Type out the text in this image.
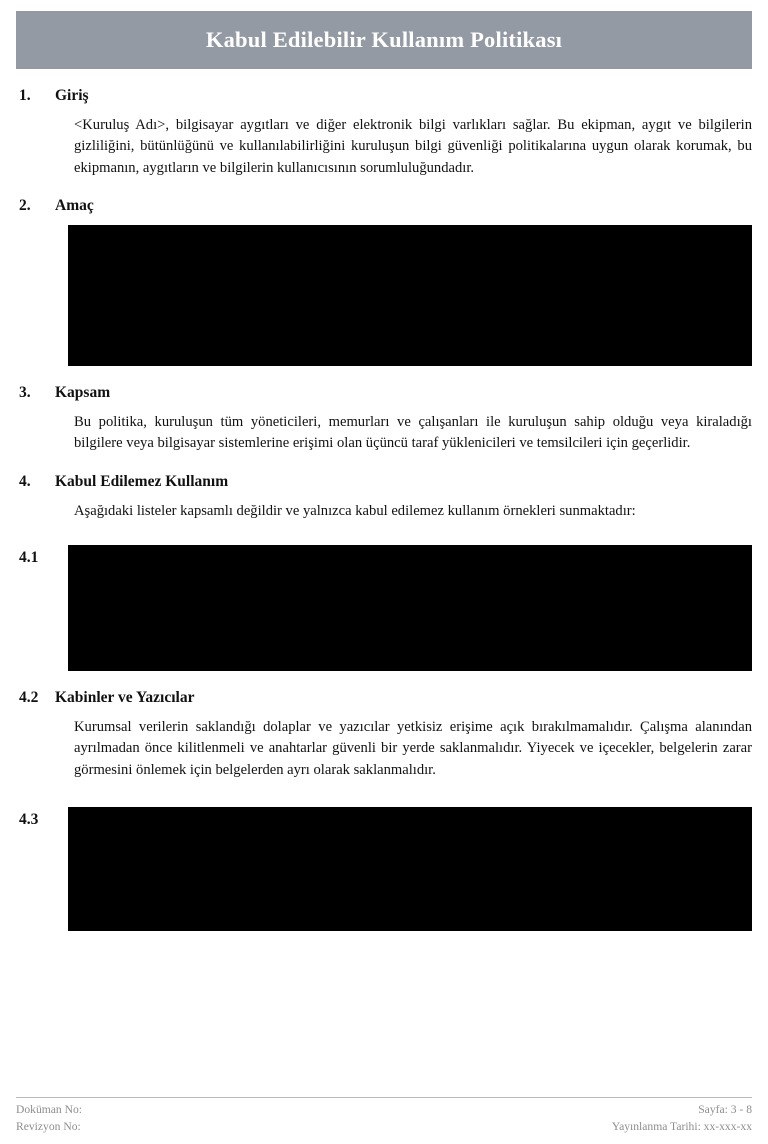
Kabul Edilebilir Kullanım Politikası
1.	Giriş
<Kuruluş Adı>, bilgisayar aygıtları ve diğer elektronik bilgi varlıkları sağlar. Bu ekipman, aygıt ve bilgilerin gizliliğini, bütünlüğünü ve kullanılabilirliğini kuruluşun bilgi güvenliği politikalarına uygun olarak korumak, bu ekipmanın, aygıtların ve bilgilerin kullanıcısının sorumluluğundadır.
2.	Amaç
3.	Kapsam
Bu politika, kuruluşun tüm yöneticileri, memurları ve çalışanları ile kuruluşun sahip olduğu veya kiraladığı bilgilere veya bilgisayar sistemlerine erişimi olan üçüncü taraf yüklenicileri ve temsilcileri için geçerlidir.
4.	Kabul Edilemez Kullanım
Aşağıdaki listeler kapsamlı değildir ve yalnızca kabul edilemez kullanım örnekleri sunmaktadır:
4.1
4.2	Kabinler ve Yazıcılar
Kurumsal verilerin saklandığı dolaplar ve yazıcılar yetkisiz erişime açık bırakılmamalıdır. Çalışma alanından ayrılmadan önce kilitlenmeli ve anahtarlar güvenli bir yerde saklanmalıdır. Yiyecek ve içecekler, belgelerin zarar görmesini önlemek için belgelerden ayrı olarak saklanmalıdır.
4.3
Doküman No:
Revizyon No:
Sayfa: 3 - 8
Yayınlanma Tarihi: xx-xxx-xx
